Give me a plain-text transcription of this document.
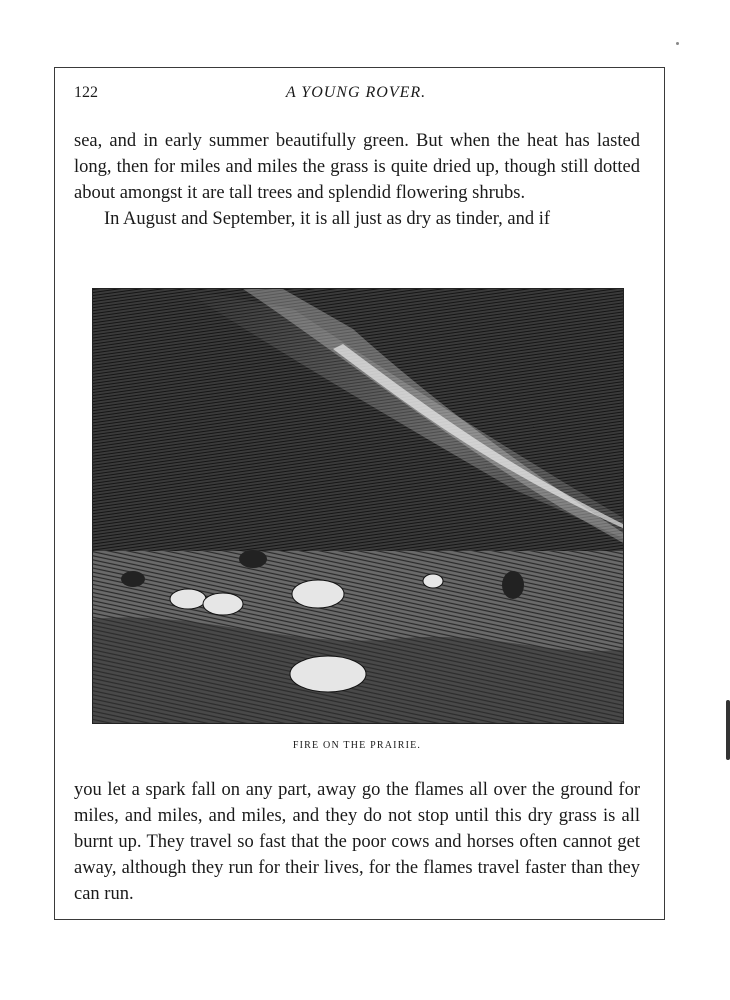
122	A YOUNG ROVER.

sea, and in early summer beautifully green. But when the heat has lasted long, then for miles and miles the grass is quite dried up, though still dotted about amongst it are tall trees and splendid flowering shrubs.

In August and September, it is all just as dry as tinder, and if

FIRE ON THE PRAIRIE.

you let a spark fall on any part, away go the flames all over the ground for miles, and miles, and miles, and they do not stop until this dry grass is all burnt up. They travel so fast that the poor cows and horses often cannot get away, although they run for their lives, for the flames travel faster than they can run.
